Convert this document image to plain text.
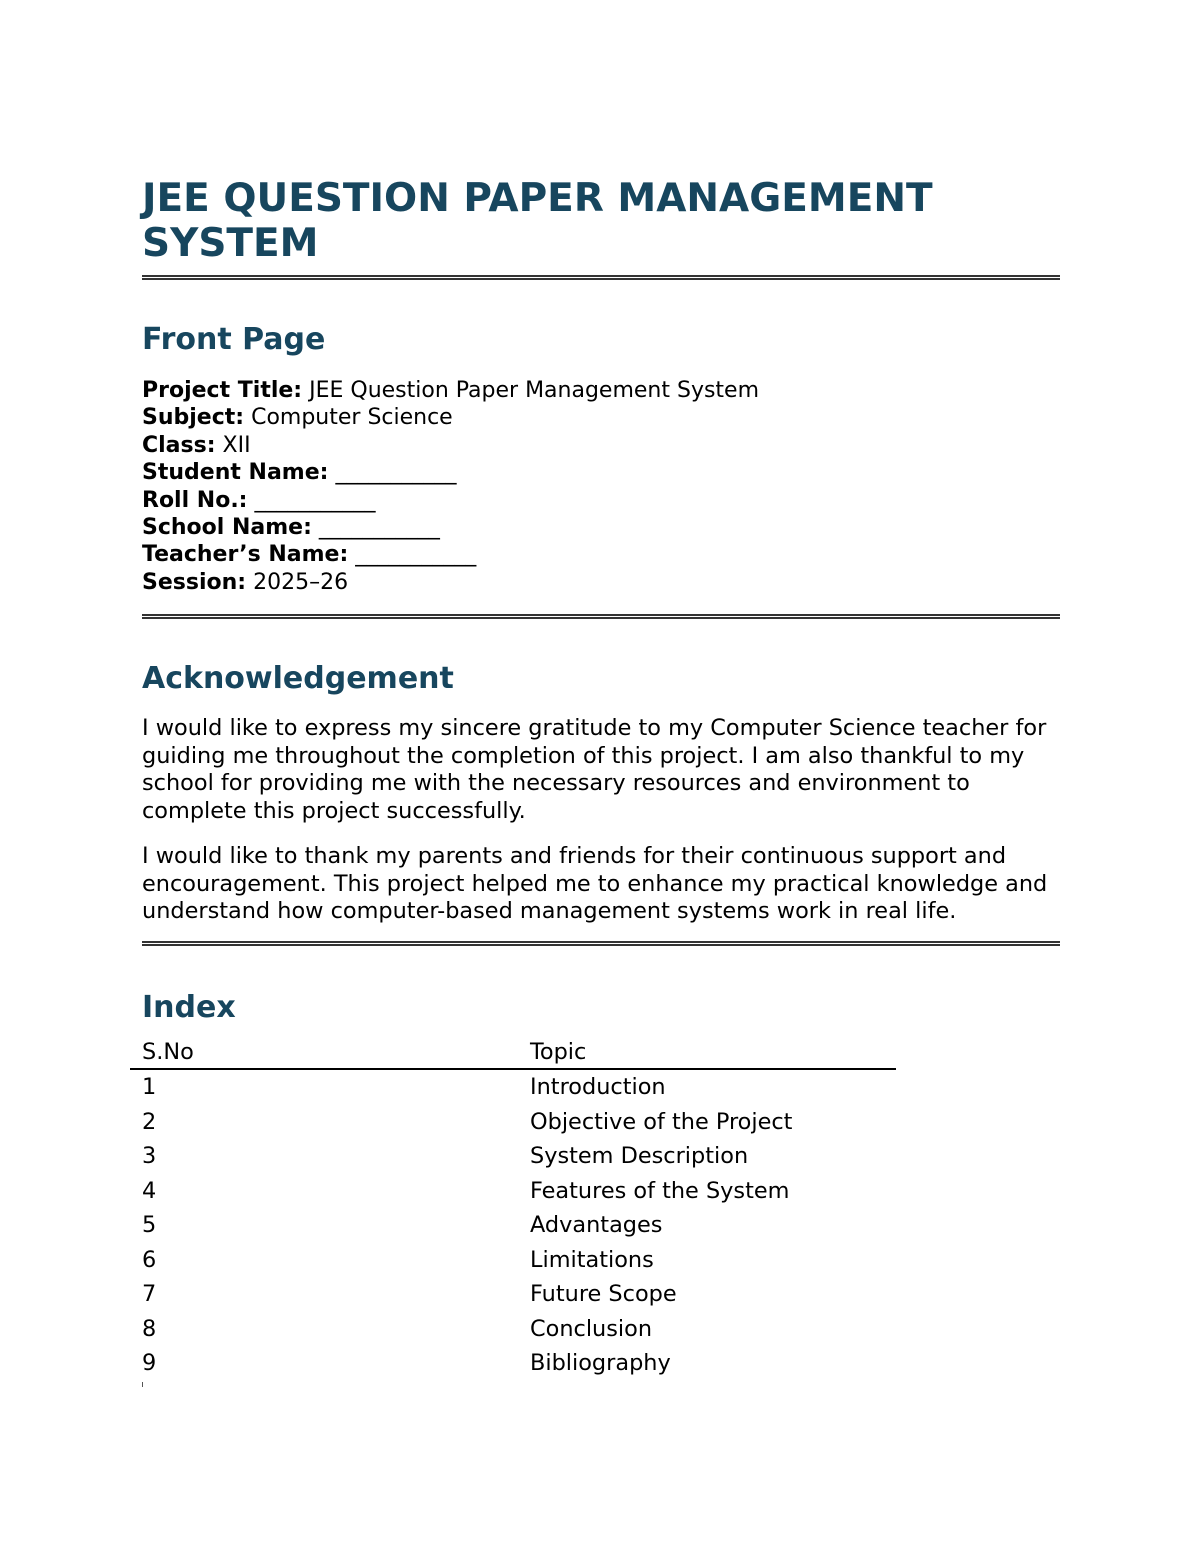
JEE QUESTION PAPER MANAGEMENT SYSTEM
Front Page
Project Title: JEE Question Paper Management System
Subject: Computer Science
Class: XII
Student Name: ___________
Roll No.: ___________
School Name: ___________
Teacher’s Name: ___________
Session: 2025–26
Acknowledgement

I would like to express my sincere gratitude to my Computer Science teacher for guiding me throughout the completion of this project. I am also thankful to my school for providing me with the necessary resources and environment to complete this project successfully.

I would like to thank my parents and friends for their continuous support and encouragement. This project helped me to enhance my practical knowledge and understand how computer-based management systems work in real life.

Index
S.No	Topic
1	Introduction
2	Objective of the Project
3	System Description
4	Features of the System
5	Advantages
6	Limitations
7	Future Scope
8	Conclusion
9	Bibliography
